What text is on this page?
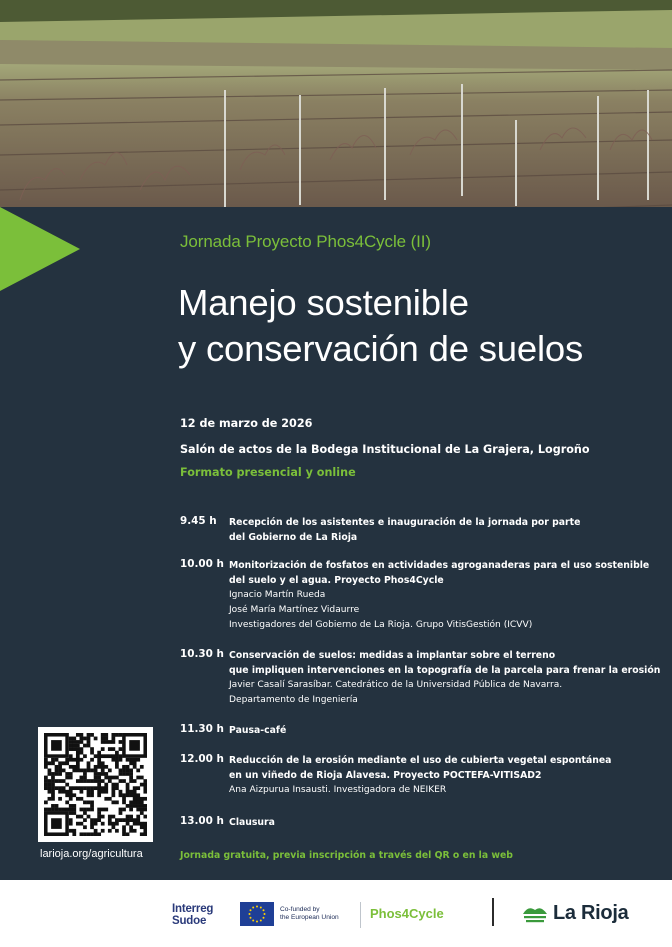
Jornada Proyecto Phos4Cycle (II)
Manejo sostenible
y conservación de suelos
12 de marzo de 2026
Salón de actos de la Bodega Institucional de La Grajera, Logroño
Formato presencial y online
9.45 h Recepción de los asistentes e inauguración de la jornada por parte
del Gobierno de La Rioja
10.00 h Monitorización de fosfatos en actividades agroganaderas para el uso sostenible
del suelo y el agua. Proyecto Phos4Cycle
Ignacio Martín Rueda
José María Martínez Vidaurre
Investigadores del Gobierno de La Rioja. Grupo VitisGestión (ICVV)
10.30 h Conservación de suelos: medidas a implantar sobre el terreno
que impliquen intervenciones en la topografía de la parcela para frenar la erosión
Javier Casalí Sarasíbar. Catedrático de la Universidad Pública de Navarra.
Departamento de Ingeniería
11.30 h Pausa-café
12.00 h Reducción de la erosión mediante el uso de cubierta vegetal espontánea
en un viñedo de Rioja Alavesa. Proyecto POCTEFA-VITISAD2
Ana Aizpurua Insausti. Investigadora de NEIKER
13.00 h Clausura
Jornada gratuita, previa inscripción a través del QR o en la web
larioja.org/agricultura
Interreg
Sudoe
Co-funded by
the European Union Phos4Cycle	La Rioja
